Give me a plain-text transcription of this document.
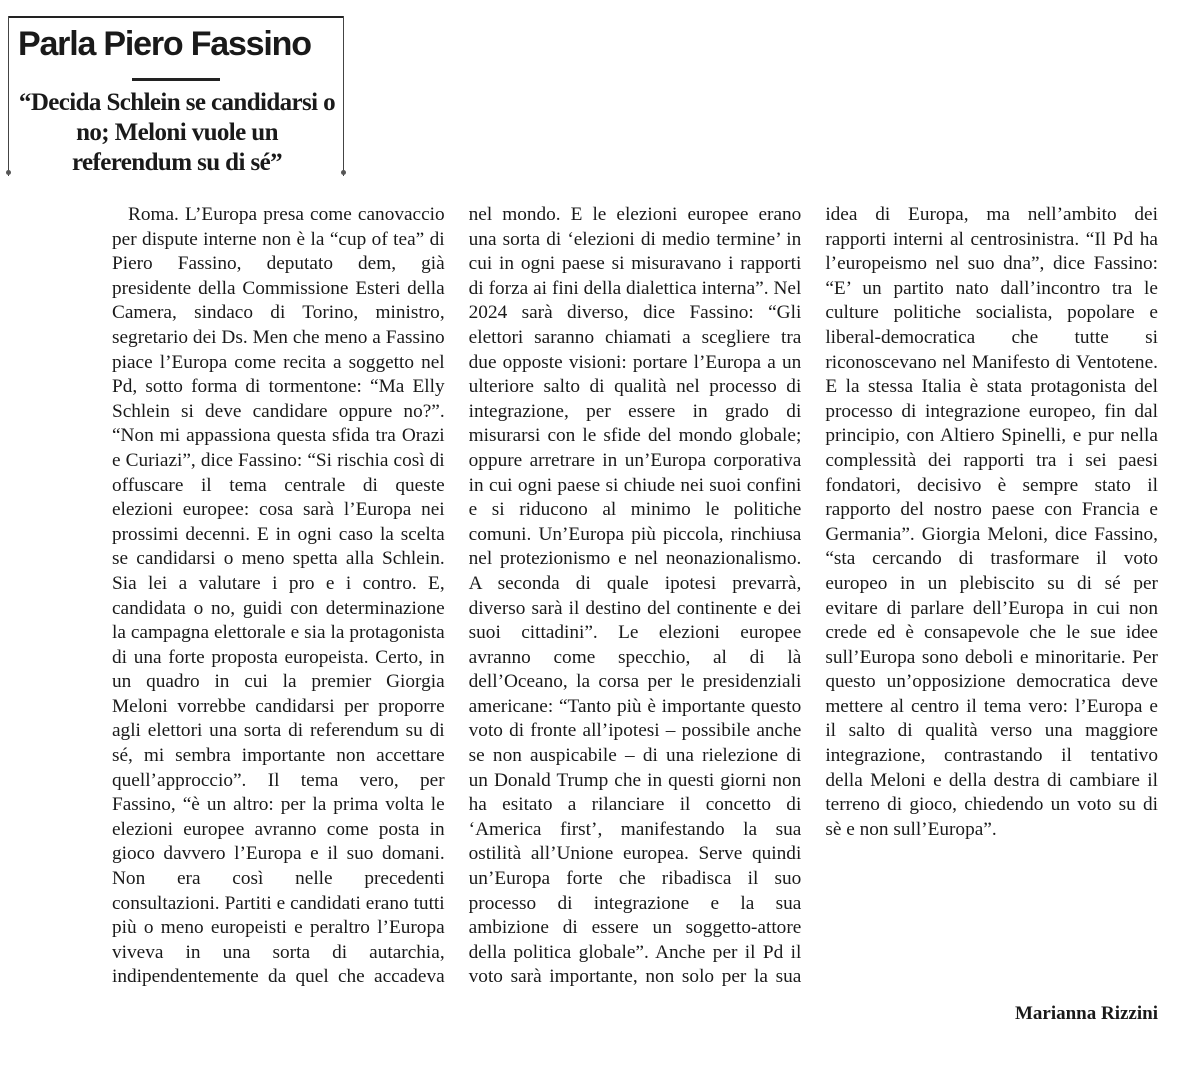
Parla Piero Fassino
“Decida Schlein se candidarsi o no; Meloni vuole un referendum su di sé”

Roma. L’Europa presa come canovaccio per dispute interne non è la “cup of tea” di Piero Fassino, deputato dem, già presidente della Commissione Esteri della Camera, sindaco di Torino, ministro, segretario dei Ds. Men che meno a Fassino piace l’Europa come recita a soggetto nel Pd, sotto forma di tormentone: “Ma Elly Schlein si deve candidare oppure no?”. “Non mi appassiona questa sfida tra Orazi e Curiazi”, dice Fassino: “Si rischia così di offuscare il tema centrale di queste elezioni europee: cosa sarà l’Europa nei prossimi decenni. E in ogni caso la scelta se candidarsi o meno spetta alla Schlein. Sia lei a valutare i pro e i contro. E, candidata o no, guidi con determinazione la campagna elettorale e sia la protagonista di una forte proposta europeista. Certo, in un quadro in cui la premier Giorgia Meloni vorrebbe candidarsi per proporre agli elettori una sorta di referendum su di sé, mi sembra importante non accettare quell’approccio”. Il tema vero, per Fassino, “è un altro: per la prima volta le elezioni europee avranno come posta in gioco davvero l’Europa e il suo domani. Non era così nelle precedenti consultazioni. Partiti e candidati erano tutti più o meno europeisti e peraltro l’Europa viveva in una sorta di autarchia, indipendentemente da quel che accadeva nel mondo. E le elezioni europee erano una sorta di ‘elezioni di medio termine’ in cui in ogni paese si misuravano i rapporti di forza ai fini della dialettica interna”. Nel 2024 sarà diverso, dice Fassino: “Gli elettori saranno chiamati a scegliere tra due opposte visioni: portare l’Europa a un ulteriore salto di qualità nel processo di integrazione, per essere in grado di misurarsi con le sfide del mondo globale; oppure arretrare in un’Europa corporativa in cui ogni paese si chiude nei suoi confini e si riducono al minimo le politiche comuni. Un’Europa più piccola, rinchiusa nel protezionismo e nel neonazionalismo. A seconda di quale ipotesi prevarrà, diverso sarà il destino del continente e dei suoi cittadini”. Le elezioni europee avranno come specchio, al di là dell’Oceano, la corsa per le presidenziali americane: “Tanto più è importante questo voto di fronte all’ipotesi – possibile anche se non auspicabile – di una rielezione di un Donald Trump che in questi giorni non ha esitato a rilanciare il concetto di ‘America first’, manifestando la sua ostilità all’Unione europea. Serve quindi un’Europa forte che ribadisca il suo processo di integrazione e la sua ambizione di essere un soggetto-attore della politica globale”. Anche per il Pd il voto sarà importante, non solo per la sua idea di Europa, ma nell’ambito dei rapporti interni al centrosinistra. “Il Pd ha l’europeismo nel suo dna”, dice Fassino: “E’ un partito nato dall’incontro tra le culture politiche socialista, popolare e liberal-democratica che tutte si riconoscevano nel Manifesto di Ventotene. E la stessa Italia è stata protagonista del processo di integrazione europeo, fin dal principio, con Altiero Spinelli, e pur nella complessità dei rapporti tra i sei paesi fondatori, decisivo è sempre stato il rapporto del nostro paese con Francia e Germania”. Giorgia Meloni, dice Fassino, “sta cercando di trasformare il voto europeo in un plebiscito su di sé per evitare di parlare dell’Europa in cui non crede ed è consapevole che le sue idee sull’Europa sono deboli e minoritarie. Per questo un’opposizione democratica deve mettere al centro il tema vero: l’Europa e il salto di qualità verso una maggiore integrazione, contrastando il tentativo della Meloni e della destra di cambiare il terreno di gioco, chiedendo un voto su di sè e non sull’Europa”.

Marianna Rizzini
